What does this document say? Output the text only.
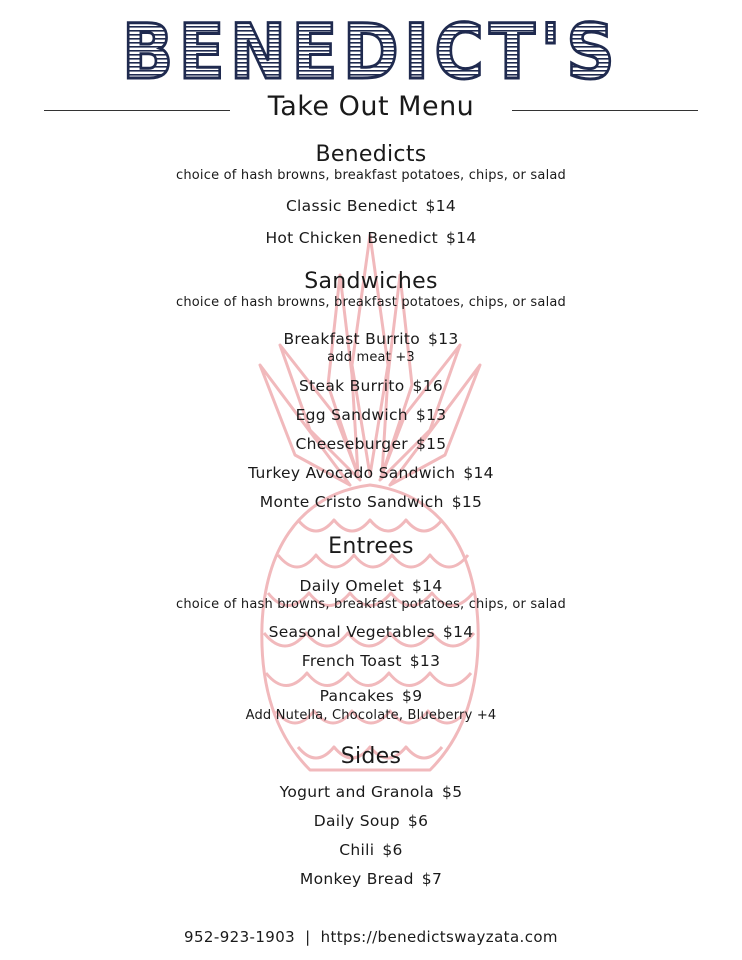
BENEDICT'S
Take Out Menu
Benedicts
choice of hash browns, breakfast potatoes, chips, or salad
Classic Benedict $14
Hot Chicken Benedict $14
Sandwiches
choice of hash browns, breakfast potatoes, chips, or salad
Breakfast Burrito $13
add meat +3
Steak Burrito $16
Egg Sandwich $13
Cheeseburger $15
Turkey Avocado Sandwich $14
Monte Cristo Sandwich $15
Entrees
Daily Omelet $14
choice of hash browns, breakfast potatoes, chips, or salad
Seasonal Vegetables $14
French Toast $13
Pancakes $9
Add Nutella, Chocolate, Blueberry +4
Sides
Yogurt and Granola $5
Daily Soup $6
Chili $6
Monkey Bread $7
952-923-1903 | https://benedictswayzata.com
